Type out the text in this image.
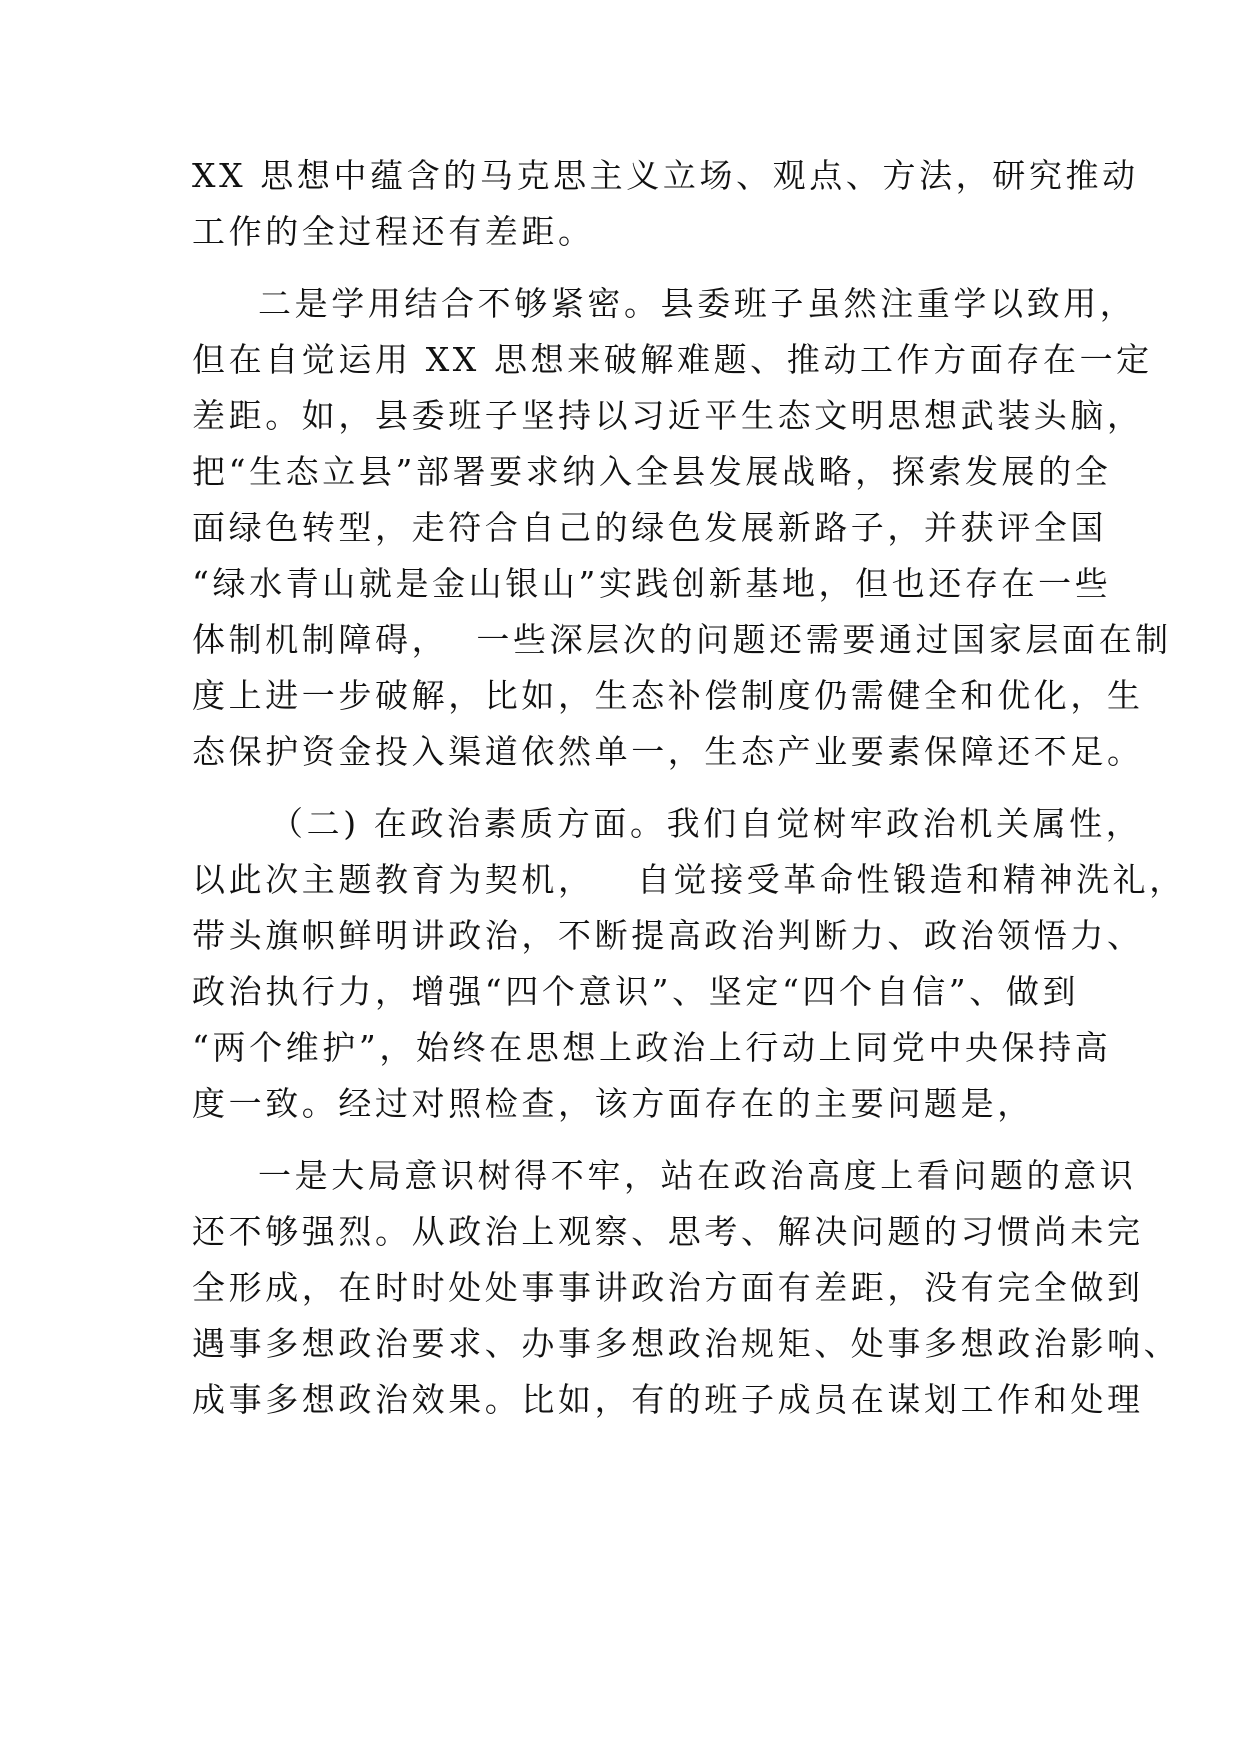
XX 思想中蕴含的马克思主义立场、观点、方法，研究推动
工作的全过程还有差距。
二是学用结合不够紧密。县委班子虽然注重学以致用，
但在自觉运用 XX 思想来破解难题、推动工作方面存在一定
差距。如，县委班子坚持以习近平生态文明思想武装头脑，
把“生态立县”部署要求纳入全县发展战略，探索发展的全
面绿色转型，走符合自己的绿色发展新路子，并获评全国
“绿水青山就是金山银山”实践创新基地，但也还存在一些
体制机制障碍，  一些深层次的问题还需要通过国家层面在制
度上进一步破解，比如，生态补偿制度仍需健全和优化，生
态保护资金投入渠道依然单一，生态产业要素保障还不足。
（二) 在政治素质方面。我们自觉树牢政治机关属性，
以此次主题教育为契机，   自觉接受革命性锻造和精神洗礼，
带头旗帜鲜明讲政治，不断提高政治判断力、政治领悟力、
政治执行力，增强“四个意识”、坚定“四个自信”、做到
“两个维护”，始终在思想上政治上行动上同党中央保持高
度一致。经过对照检查，该方面存在的主要问题是，
一是大局意识树得不牢，站在政治高度上看问题的意识
还不够强烈。从政治上观察、思考、解决问题的习惯尚未完
全形成，在时时处处事事讲政治方面有差距，没有完全做到
遇事多想政治要求、办事多想政治规矩、处事多想政治影响、
成事多想政治效果。比如，有的班子成员在谋划工作和处理
